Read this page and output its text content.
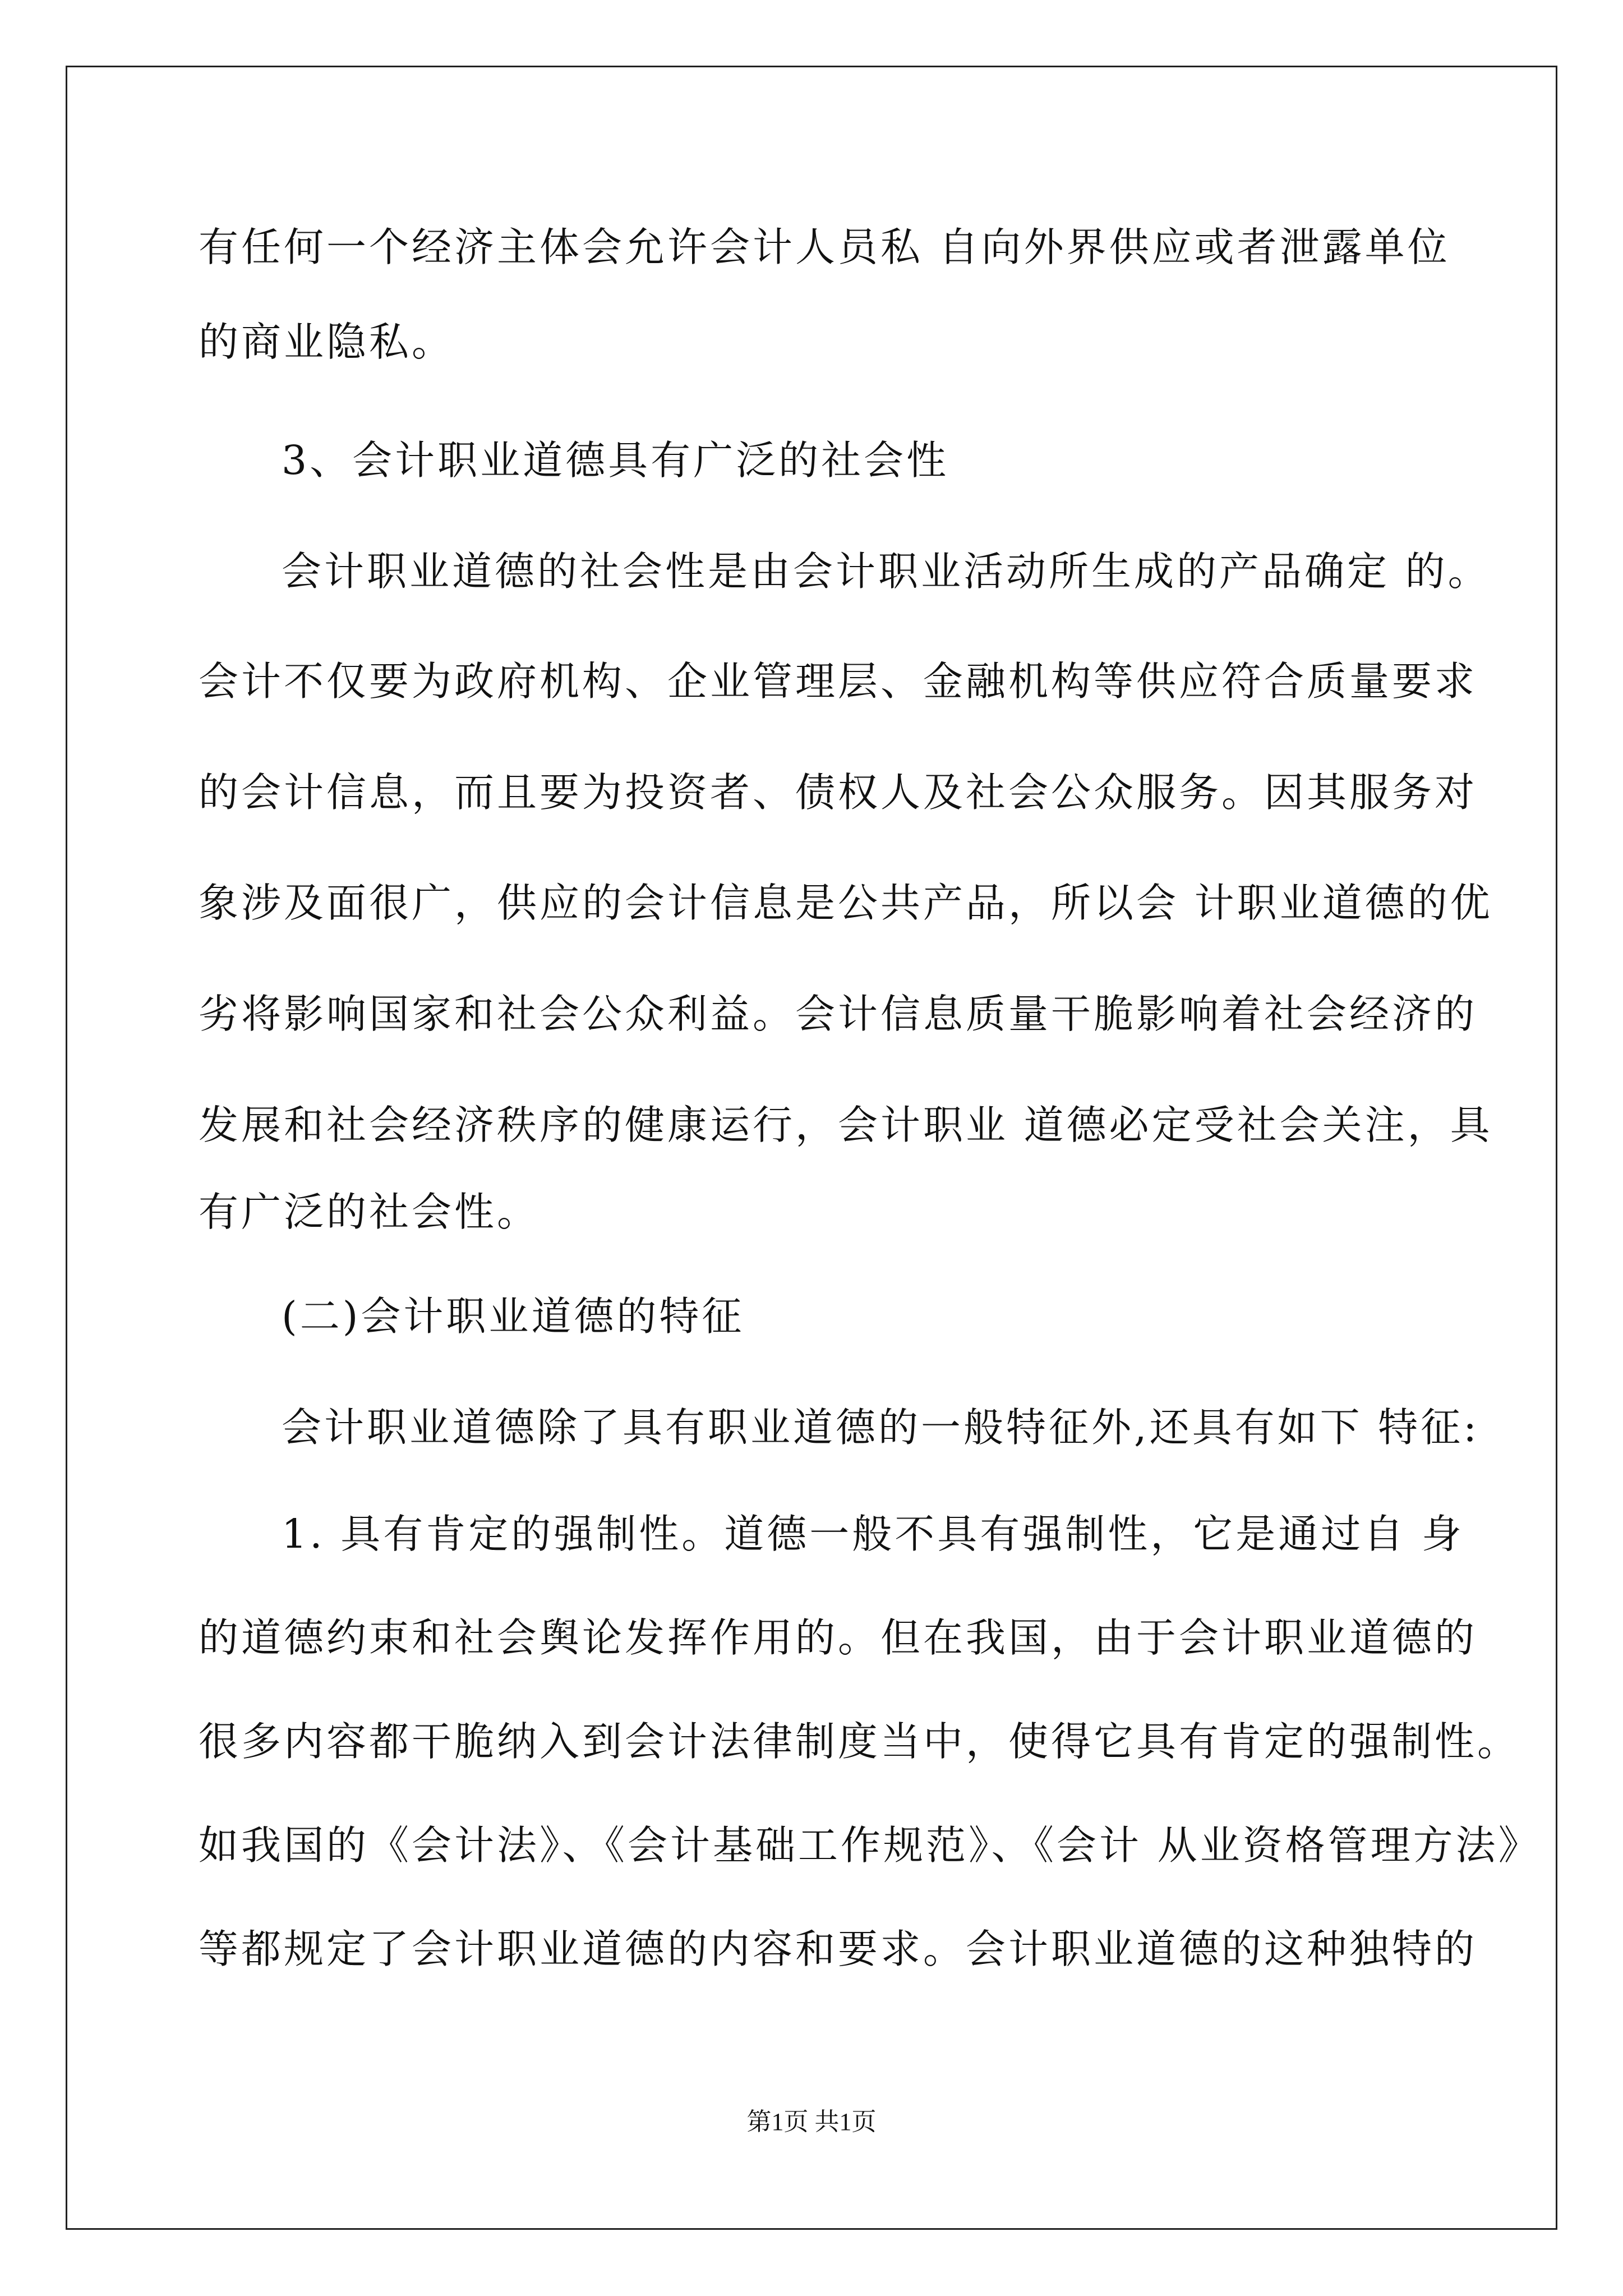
有任何一个经济主体会允许会计人员私 自向外界供应或者泄露单位
的商业隐私。
3、会计职业道德具有广泛的社会性
会计职业道德的社会性是由会计职业活动所生成的产品确定 的。
会计不仅要为政府机构、企业管理层、金融机构等供应符合质量要求
的会计信息，而且要为投资者、债权人及社会公众服务。因其服务对
象涉及面很广，供应的会计信息是公共产品，所以会 计职业道德的优
劣将影响国家和社会公众利益。会计信息质量干脆影响着社会经济的
发展和社会经济秩序的健康运行，会计职业 道德必定受社会关注，具
有广泛的社会性。
(二)会计职业道德的特征
会计职业道德除了具有职业道德的一般特征外,还具有如下 特征:
1. 具有肯定的强制性。道德一般不具有强制性，它是通过自 身
的道德约束和社会舆论发挥作用的。但在我国，由于会计职业道德的
很多内容都干脆纳入到会计法律制度当中，使得它具有肯定的强制性。
如我国的《会计法》、《会计基础工作规范》、《会计 从业资格管理方法》
等都规定了会计职业道德的内容和要求。会计职业道德的这种独特的
第1页 共1页
